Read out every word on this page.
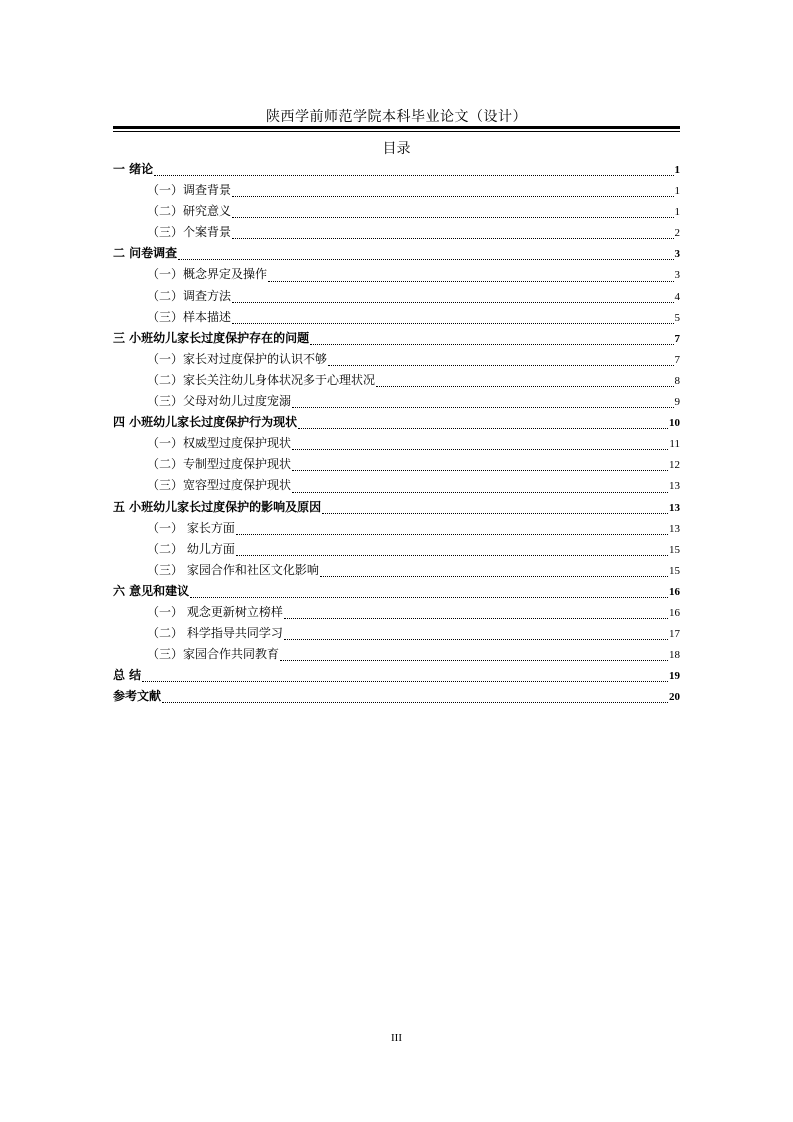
陕西学前师范学院本科毕业论文（设计）
目录
一 绪论	1
（一）调查背景	1
（二）研究意义	1
（三）个案背景	2
二 问卷调查	3
（一）概念界定及操作	3
（二）调查方法	4
（三）样本描述	5
三 小班幼儿家长过度保护存在的问题	7
（一）家长对过度保护的认识不够	7
（二）家长关注幼儿身体状况多于心理状况	8
（三）父母对幼儿过度宠溺	9
四 小班幼儿家长过度保护行为现状	10
（一）权威型过度保护现状	11
（二）专制型过度保护现状	12
（三）宽容型过度保护现状	13
五 小班幼儿家长过度保护的影响及原因	13
（一） 家长方面	13
（二） 幼儿方面	15
（三） 家园合作和社区文化影响	15
六 意见和建议	16
（一） 观念更新树立榜样	16
（二） 科学指导共同学习	17
（三）家园合作共同教育	18
总 结	19
参考文献	20
III
